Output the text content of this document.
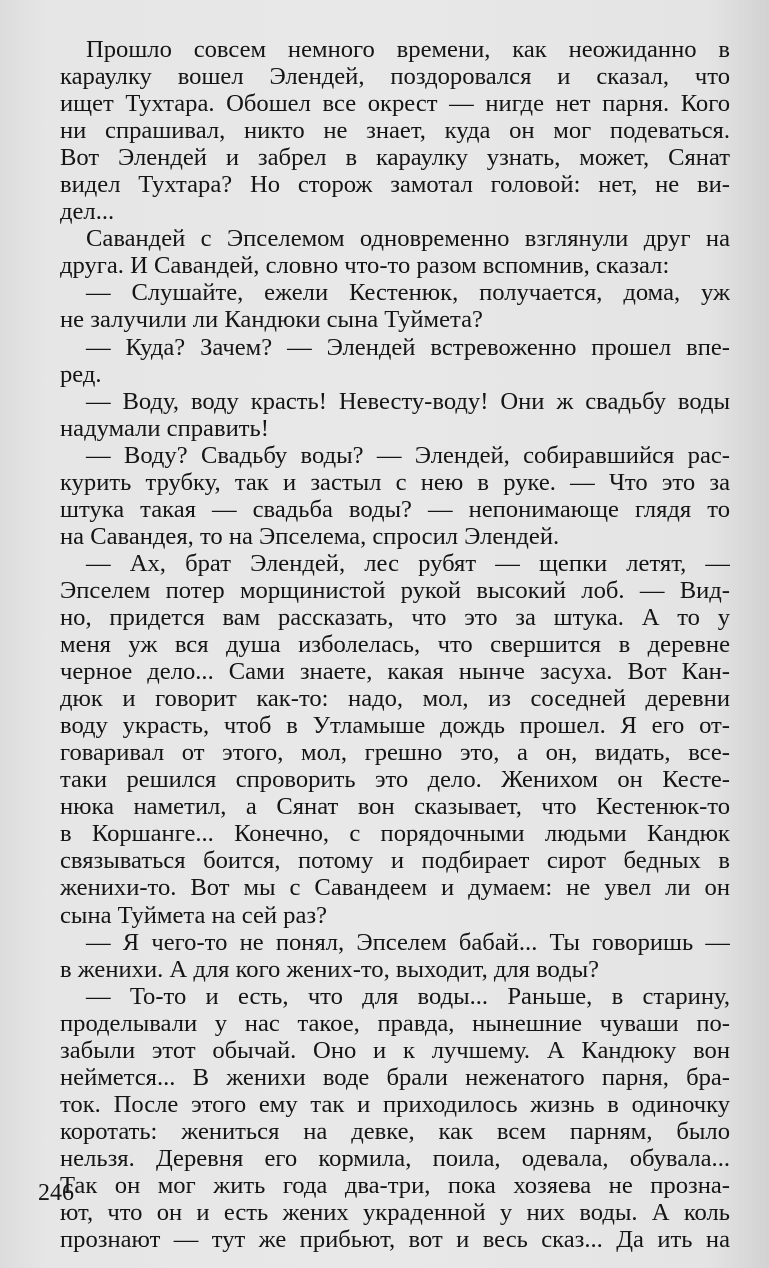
Прошло совсем немного времени, как неожиданно в
караулку вошел Элендей, поздоровался и сказал, что
ищет Тухтара. Обошел все окрест — нигде нет парня. Кого
ни спрашивал, никто не знает, куда он мог подеваться.
Вот Элендей и забрел в караулку узнать, может, Сянат
видел Тухтара? Но сторож замотал головой: нет, не ви-
дел...
Савандей с Эпселемом одновременно взглянули друг на
друга. И Савандей, словно что-то разом вспомнив, сказал:
— Слушайте, ежели Кестенюк, получается, дома, уж
не залучили ли Кандюки сына Туймета?
— Куда? Зачем? — Элендей встревоженно прошел впе-
ред.
— Воду, воду красть! Невесту-воду! Они ж свадьбу воды
надумали справить!
— Воду? Свадьбу воды? — Элендей, собиравшийся рас-
курить трубку, так и застыл с нею в руке. — Что это за
штука такая — свадьба воды? — непонимающе глядя то
на Савандея, то на Эпселема, спросил Элендей.
— Ах, брат Элендей, лес рубят — щепки летят, —
Эпселем потер морщинистой рукой высокий лоб. — Вид-
но, придется вам рассказать, что это за штука. А то у
меня уж вся душа изболелась, что свершится в деревне
черное дело... Сами знаете, какая нынче засуха. Вот Кан-
дюк и говорит как-то: надо, мол, из соседней деревни
воду украсть, чтоб в Утламыше дождь прошел. Я его от-
говаривал от этого, мол, грешно это, а он, видать, все-
таки решился спроворить это дело. Женихом он Кесте-
нюка наметил, а Сянат вон сказывает, что Кестенюк-то
в Коршанге... Конечно, с порядочными людьми Кандюк
связываться боится, потому и подбирает сирот бедных в
женихи-то. Вот мы с Савандеем и думаем: не увел ли он
сына Туймета на сей раз?
— Я чего-то не понял, Эпселем бабай... Ты говоришь —
в женихи. А для кого жених-то, выходит, для воды?
— То-то и есть, что для воды... Раньше, в старину,
проделывали у нас такое, правда, нынешние чуваши по-
забыли этот обычай. Оно и к лучшему. А Кандюку вон
неймется... В женихи воде брали неженатого парня, бра-
ток. После этого ему так и приходилось жизнь в одиночку
коротать: жениться на девке, как всем парням, было
нельзя. Деревня его кормила, поила, одевала, обувала...
Так он мог жить года два-три, пока хозяева не прозна-
ют, что он и есть жених украденной у них воды. А коль
прознают — тут же прибьют, вот и весь сказ... Да ить на
246
